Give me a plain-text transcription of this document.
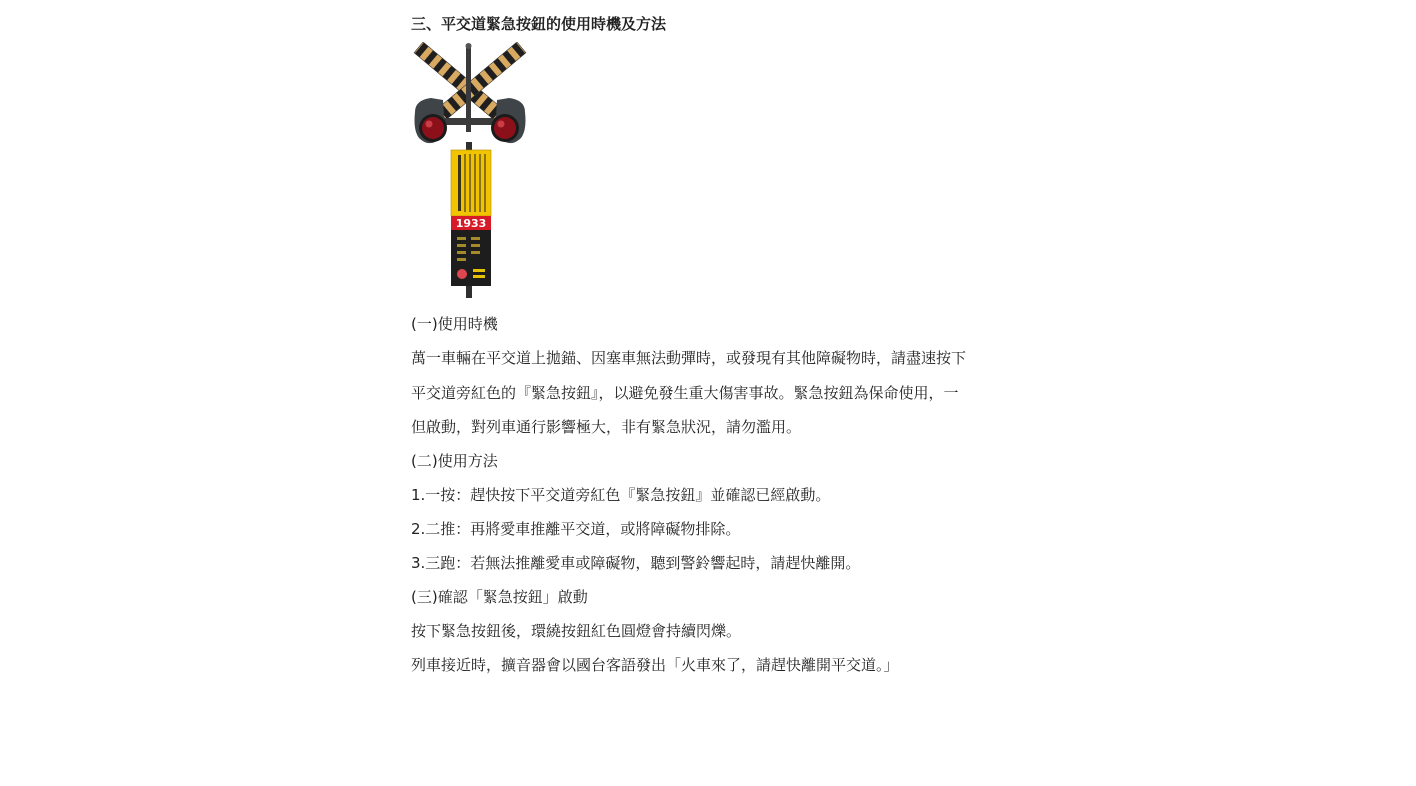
三、平交道緊急按鈕的使用時機及方法
1933

(一)使用時機

萬一車輛在平交道上拋錨、因塞車無法動彈時，或發現有其他障礙物時，請盡速按下

平交道旁紅色的『緊急按鈕』，以避免發生重大傷害事故。緊急按鈕為保命使用，一

但啟動，對列車通行影響極大，非有緊急狀況，請勿濫用。

(二)使用方法

1.一按：趕快按下平交道旁紅色『緊急按鈕』並確認已經啟動。

2.二推：再將愛車推離平交道，或將障礙物排除。

3.三跑：若無法推離愛車或障礙物，聽到警鈴響起時，請趕快離開。

(三)確認「緊急按鈕」啟動

按下緊急按鈕後，環繞按鈕紅色圓燈會持續閃爍。

列車接近時，擴音器會以國台客語發出「火車來了，請趕快離開平交道。」
